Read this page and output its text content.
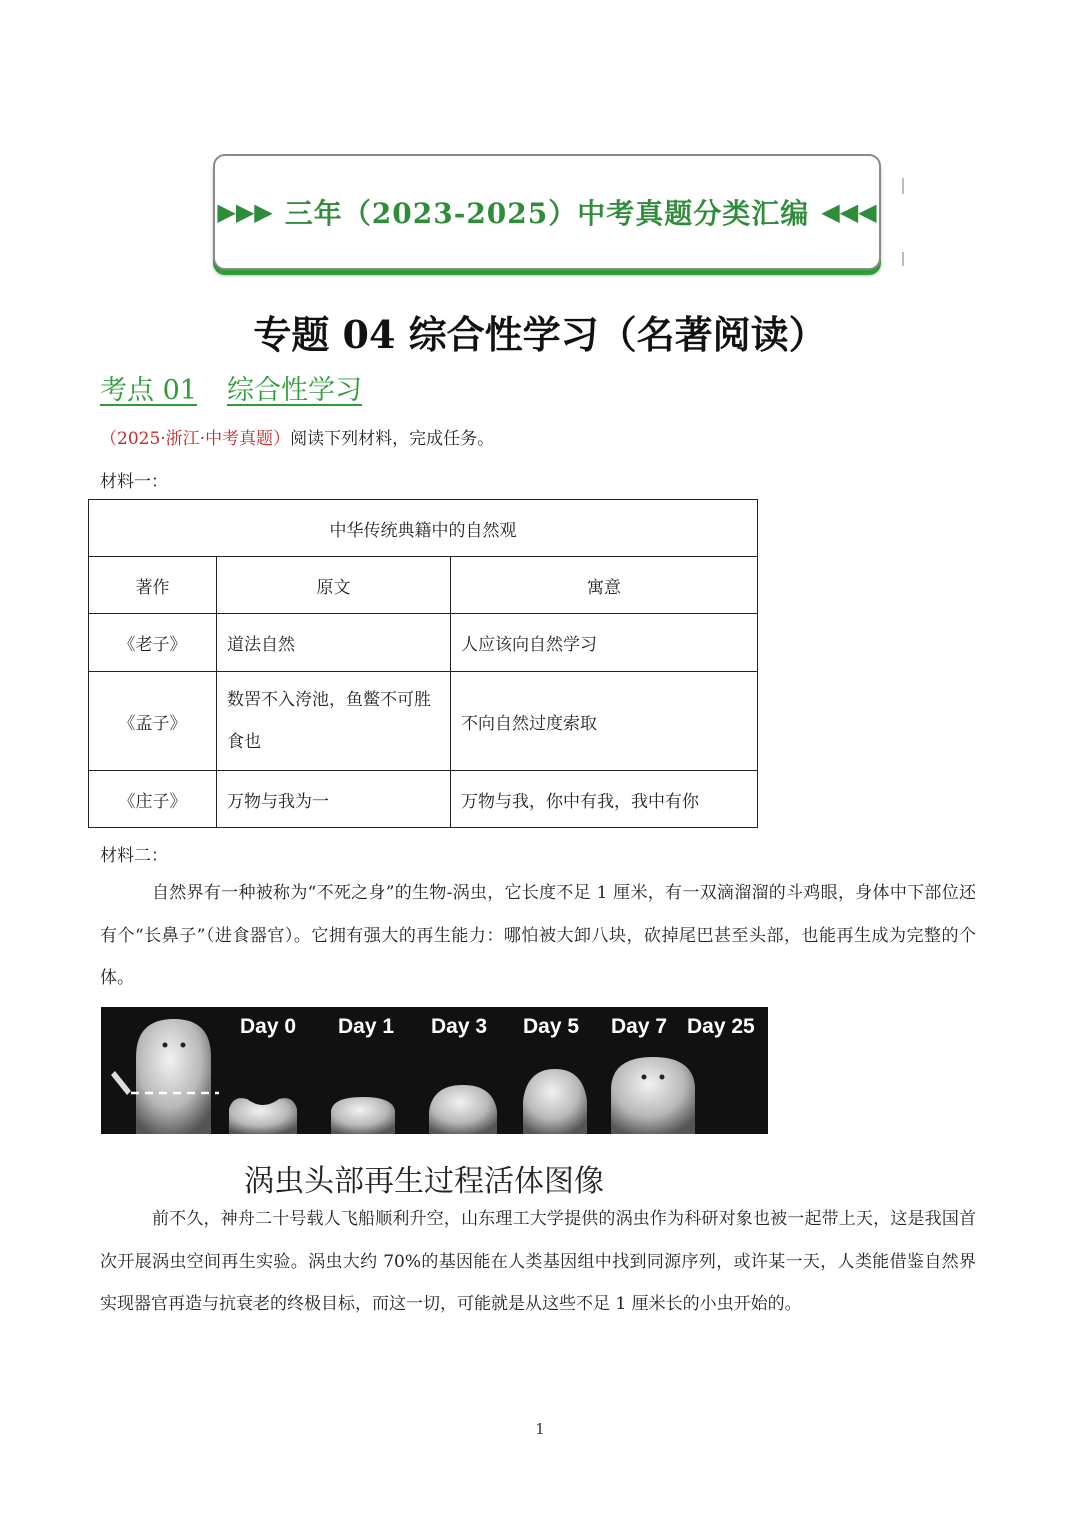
▶▶▶ 三年（2023-2025）中考真题分类汇编 ◀◀◀
专题 04 综合性学习（名著阅读）
考点 01 综合性学习
（2025·浙江·中考真题）阅读下列材料，完成任务。
材料一：
中华传统典籍中的自然观		
著作	原文	寓意
《老子》	道法自然	人应该向自然学习
《孟子》	数罟不入洿池，鱼鳖不可胜食也	不向自然过度索取
《庄子》	万物与我为一	万物与我，你中有我，我中有你
材料二：

自然界有一种被称为“不死之身”的生物-涡虫，它长度不足 1 厘米，有一双滴溜溜的斗鸡眼，身体中下部位还有个“长鼻子”（进食器官）。它拥有强大的再生能力：哪怕被大卸八块，砍掉尾巴甚至头部，也能再生成为完整的个体。

Day 0 Day 1 Day 3 Day 5 Day 7 Day 25
涡虫头部再生过程活体图像

前不久，神舟二十号载人飞船顺利升空，山东理工大学提供的涡虫作为科研对象也被一起带上天，这是我国首次开展涡虫空间再生实验。涡虫大约 70%的基因能在人类基因组中找到同源序列，或许某一天，人类能借鉴自然界实现器官再造与抗衰老的终极目标，而这一切，可能就是从这些不足 1 厘米长的小虫开始的。

1
